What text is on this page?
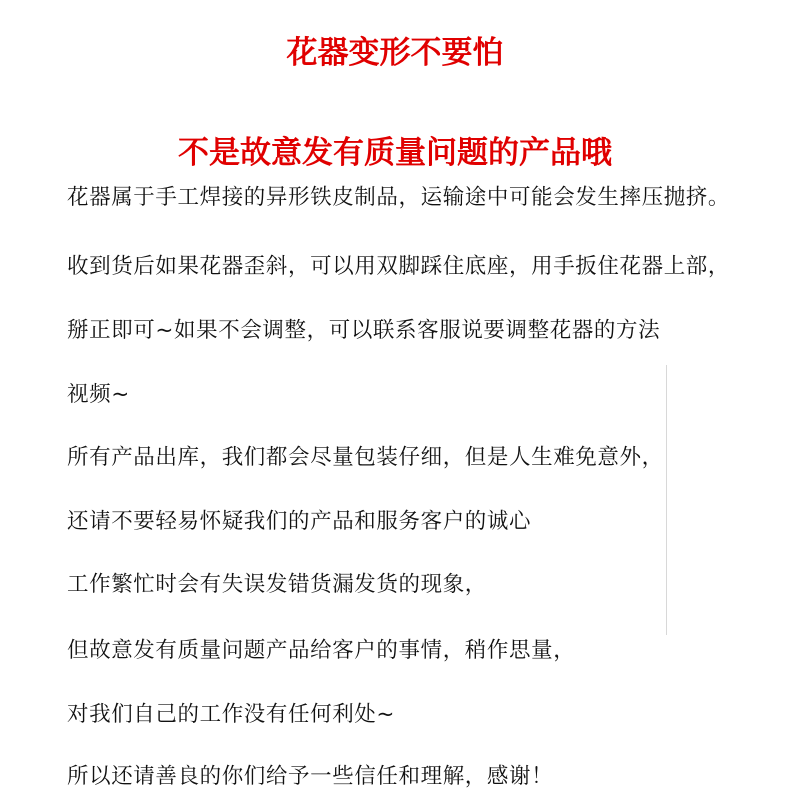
花器变形不要怕
不是故意发有质量问题的产品哦
花器属于手工焊接的异形铁皮制品，运输途中可能会发生摔压抛挤。
收到货后如果花器歪斜，可以用双脚踩住底座，用手扳住花器上部，
掰正即可~如果不会调整，可以联系客服说要调整花器的方法
视频~
所有产品出库，我们都会尽量包装仔细，但是人生难免意外，
还请不要轻易怀疑我们的产品和服务客户的诚心
工作繁忙时会有失误发错货漏发货的现象，
但故意发有质量问题产品给客户的事情，稍作思量，
对我们自己的工作没有任何利处~
所以还请善良的你们给予一些信任和理解，感谢！
